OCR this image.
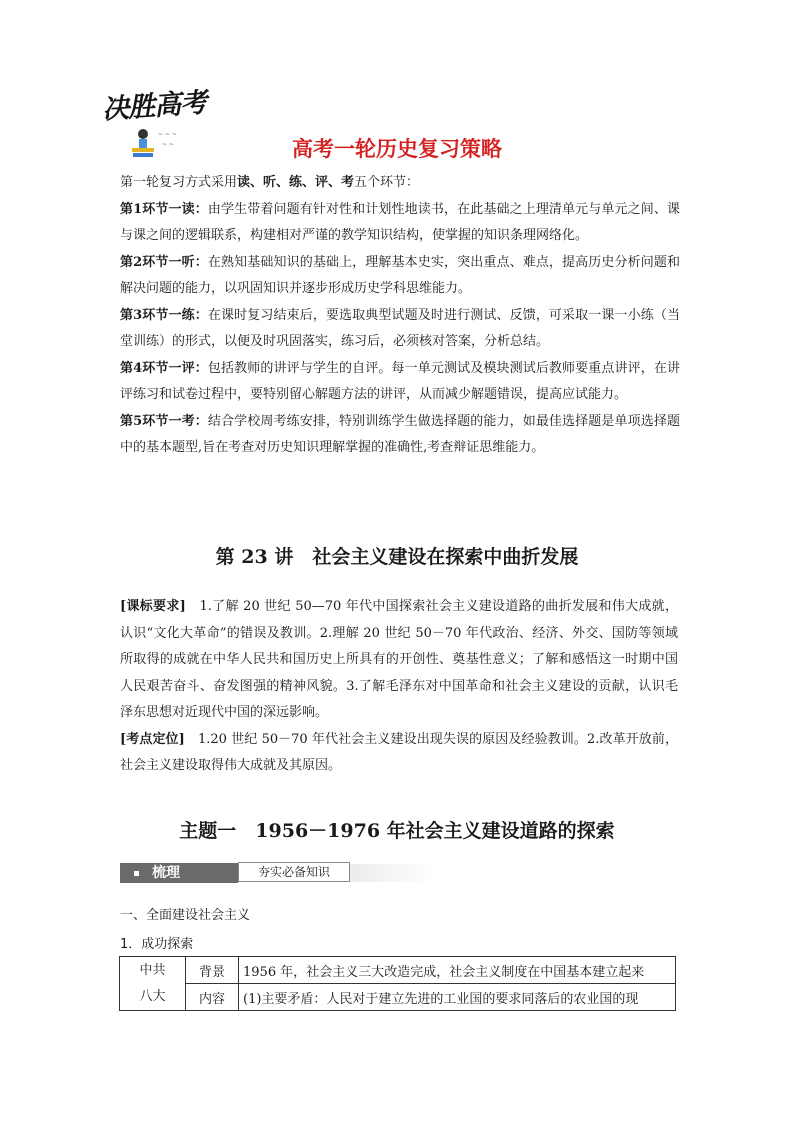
决胜高考
~ ~ ~
~ ~	高考一轮历史复习策略

第一轮复习方式采用读、听、练、评、考五个环节：

第1环节一读：由学生带着问题有针对性和计划性地读书，在此基础之上理清单元与单元之间、课与课之间的逻辑联系，构建相对严谨的教学知识结构，使掌握的知识条理网络化。

第2环节一听：在熟知基础知识的基础上，理解基本史实，突出重点、难点，提高历史分析问题和解决问题的能力，以巩固知识并逐步形成历史学科思维能力。

第3环节一练：在课时复习结束后，要选取典型试题及时进行测试、反馈，可采取一课一小练（当堂训练）的形式，以便及时巩固落实，练习后，必须核对答案，分析总结。

第4环节一评：包括教师的讲评与学生的自评。每一单元测试及模块测试后教师要重点讲评，在讲评练习和试卷过程中，要特别留心解题方法的讲评，从而减少解题错误，提高应试能力。

第5环节一考：结合学校周考练安排，特别训练学生做选择题的能力，如最佳选择题是单项选择题中的基本题型,旨在考查对历史知识理解掌握的准确性,考查辩证思维能力。

第 23 讲　社会主义建设在探索中曲折发展

[课标要求]　 1.了解 20 世纪 50—70 年代中国探索社会主义建设道路的曲折发展和伟大成就，认识“文化大革命”的错误及教训。2.理解 20 世纪 50－70 年代政治、经济、外交、国防等领域所取得的成就在中华人民共和国历史上所具有的开创性、奠基性意义；了解和感悟这一时期中国人民艰苦奋斗、奋发图强的精神风貌。3.了解毛泽东对中国革命和社会主义建设的贡献，认识毛泽东思想对近现代中国的深远影响。

[考点定位]　 1.20 世纪 50－70 年代社会主义建设出现失误的原因及经验教训。2.改革开放前，社会主义建设取得伟大成就及其原因。

主题一　1956－1976 年社会主义建设道路的探索
梳理	夯实必备知识
一、全面建设社会主义
1．成功探索
中共
八大	背景	1956 年，社会主义三大改造完成，社会主义制度在中国基本建立起来
	内容	(1)主要矛盾：人民对于建立先进的工业国的要求同落后的农业国的现
